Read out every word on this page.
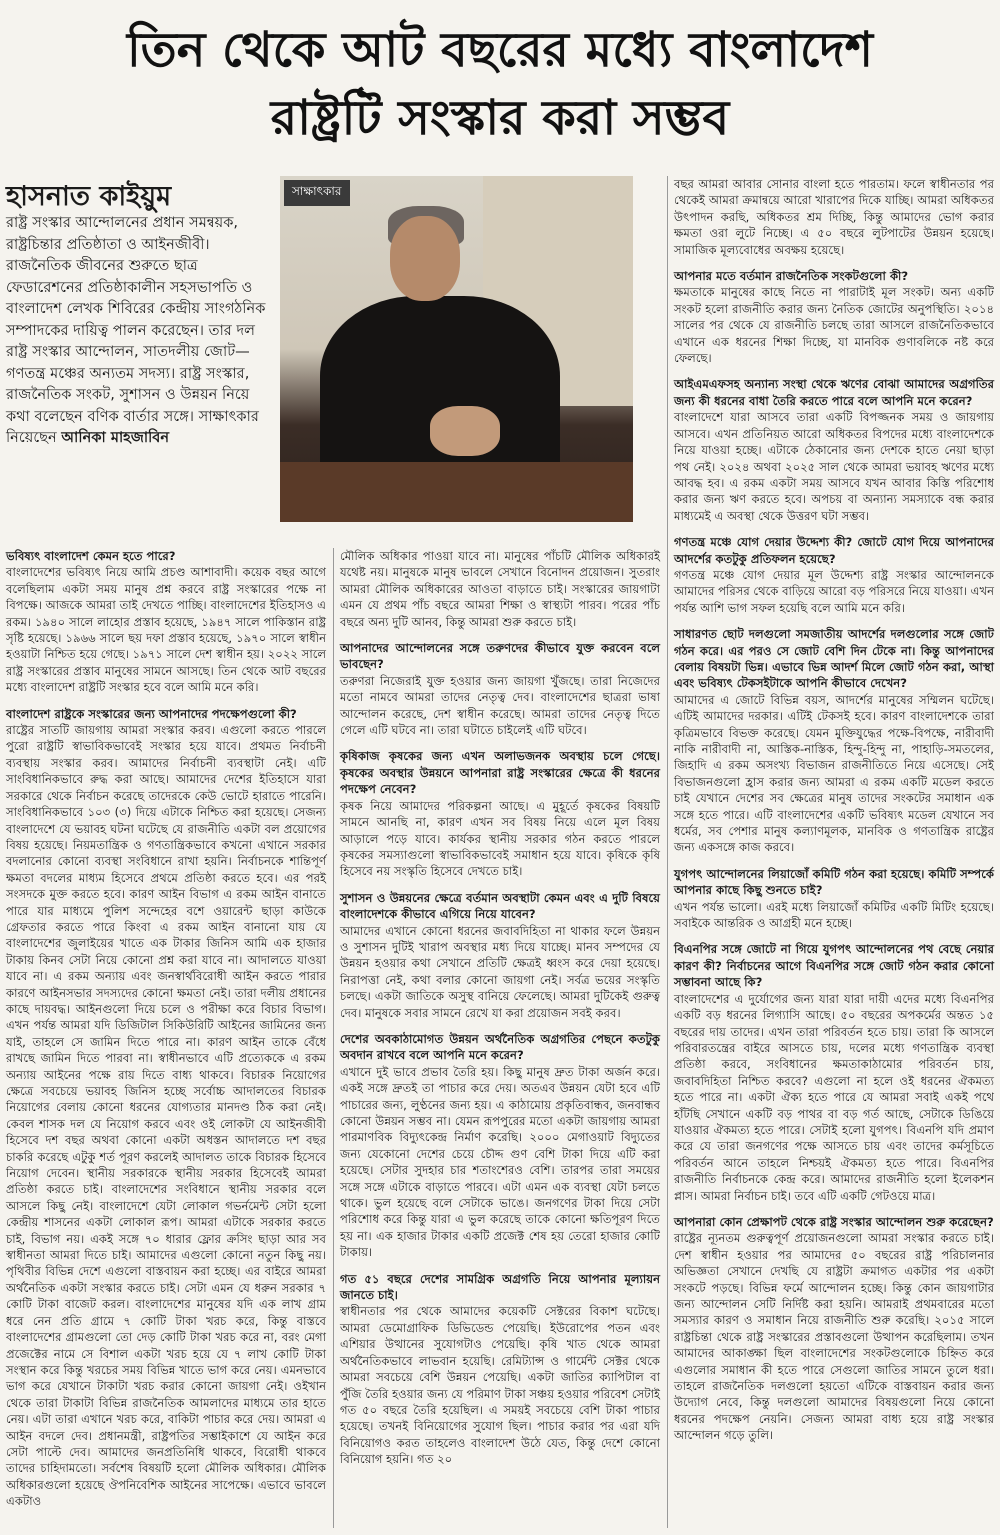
তিন থেকে আট বছরের মধ্যে বাংলাদেশ
রাষ্ট্রটি সংস্কার করা সম্ভব
হাসনাত কাইয়ুম
রাষ্ট্র সংস্কার আন্দোলনের প্রধান সমন্বয়ক, রাষ্ট্রচিন্তার প্রতিষ্ঠাতা ও আইনজীবী। রাজনৈতিক জীবনের শুরুতে ছাত্র ফেডারেশনের প্রতিষ্ঠাকালীন সহসভাপতি ও বাংলাদেশ লেখক শিবিরের কেন্দ্রীয় সাংগঠনিক সম্পাদকের দায়িত্ব পালন করেছেন। তার দল রাষ্ট্র সংস্কার আন্দোলন, সাতদলীয় জোট—গণতন্ত্র মঞ্চের অন্যতম সদস্য। রাষ্ট্র সংস্কার, রাজনৈতিক সংকট, সুশাসন ও উন্নয়ন নিয়ে কথা বলেছেন বণিক বার্তার সঙ্গে। সাক্ষাৎকার নিয়েছেন আনিকা মাহজাবিন
সাক্ষাৎকার

ভবিষ্যৎ বাংলাদেশ কেমন হতে পারে?

বাংলাদেশের ভবিষ্যৎ নিয়ে আমি প্রচণ্ড আশাবাদী। কয়েক বছর আগে বলেছিলাম একটা সময় মানুষ প্রশ্ন করবে রাষ্ট্র সংস্কারের পক্ষে না বিপক্ষে। আজকে আমরা তাই দেখতে পাচ্ছি। বাংলাদেশের ইতিহাসও এ রকম। ১৯৪০ সালে লাহোর প্রস্তাব হয়েছে, ১৯৪৭ সালে পাকিস্তান রাষ্ট্র সৃষ্টি হয়েছে। ১৯৬৬ সালে ছয় দফা প্রস্তাব হয়েছে, ১৯৭০ সালে স্বাধীন হওয়াটা নিশ্চিত হয়ে গেছে। ১৯৭১ সালে দেশ স্বাধীন হয়। ২০২২ সালে রাষ্ট্র সংস্কারের প্রস্তাব মানুষের সামনে আসছে। তিন থেকে আট বছরের মধ্যে বাংলাদেশ রাষ্ট্রটি সংস্কার হবে বলে আমি মনে করি।

বাংলাদেশ রাষ্ট্রকে সংস্কারের জন্য আপনাদের পদক্ষেপগুলো কী?

রাষ্ট্রের সাতটি জায়গায় আমরা সংস্কার করব। এগুলো করতে পারলে পুরো রাষ্ট্রটি স্বাভাবিকভাবেই সংস্কার হয়ে যাবে। প্রথমত নির্বাচনী ব্যবস্থায় সংস্কার করব। আমাদের নির্বাচনী ব্যবস্থাটা নেই। এটি সাংবিধানিকভাবে রুদ্ধ করা আছে। আমাদের দেশের ইতিহাসে যারা সরকারে থেকে নির্বাচন করেছে তাদেরকে কেউ ভোটে হারাতে পারেনি। সাংবিধানিকভাবে ১০৩ (৩) দিয়ে এটাকে নিশ্চিত করা হয়েছে। সেজন্য বাংলাদেশে যে ভয়াবহ ঘটনা ঘটেছে যে রাজনীতি একটা বল প্রয়োগের বিষয় হয়েছে। নিয়মতান্ত্রিক ও গণতান্ত্রিকভাবে কখনো এখানে সরকার বদলানোর কোনো ব্যবস্থা সংবিধানে রাখা হয়নি। নির্বাচনকে শান্তিপূর্ণ ক্ষমতা বদলের মাধ্যম হিসেবে প্রথমে প্রতিষ্ঠা করতে হবে। এর পরই সংসদকে মুক্ত করতে হবে। কারণ আইন বিভাগ এ রকম আইন বানাতে পারে যার মাধ্যমে পুলিশ সন্দেহের বশে ওয়ারেন্ট ছাড়া কাউকে গ্রেফতার করতে পারে কিংবা এ রকম আইন বানানো যায় যে বাংলাদেশের জুলাইয়ের খাতে এক টাকার জিনিস আমি এক হাজার টাকায় কিনব সেটা নিয়ে কোনো প্রশ্ন করা যাবে না। আদালতে যাওয়া যাবে না। এ রকম অন্যায় এবং জনস্বার্থবিরোধী আইন করতে পারার কারণে আইনসভার সদস্যদের কোনো ক্ষমতা নেই। তারা দলীয় প্রধানের কাছে দায়বদ্ধ। আইনগুলো দিয়ে চলে ও পরীক্ষা করে বিচার বিভাগ। এখন পর্যন্ত আমরা যদি ডিজিটাল সিকিউরিটি আইনের জামিনের জন্য যাই, তাহলে সে জামিন দিতে পারে না। কারণ আইন তাকে বেঁধে রাখছে জামিন দিতে পারবা না। স্বাধীনভাবে এটি প্রত্যেককে এ রকম অন্যায় আইনের পক্ষে রায় দিতে বাধ্য থাকবে। বিচারক নিয়োগের ক্ষেত্রে সবচেয়ে ভয়াবহ জিনিস হচ্ছে সর্বোচ্চ আদালতের বিচারক নিয়োগের বেলায় কোনো ধরনের যোগ্যতার মানদণ্ড ঠিক করা নেই। কেবল শাসক দল যে নিয়োগ করবে এবং ওই লোকটা যে আইনজীবী হিসেবে দশ বছর অথবা কোনো একটা অধস্তন আদালতে দশ বছর চাকরি করেছে এটুকু শর্ত পূরণ করলেই আদালত তাকে বিচারক হিসেবে নিয়োগ দেবেন। স্থানীয় সরকারকে স্থানীয় সরকার হিসেবেই আমরা প্রতিষ্ঠা করতে চাই। বাংলাদেশের সংবিধানে স্থানীয় সরকার বলে আসলে কিছু নেই। বাংলাদেশে যেটা লোকাল গভর্নমেন্ট সেটা হলো কেন্দ্রীয় শাসনের একটা লোকাল রূপ। আমরা এটাকে সরকার করতে চাই, বিভাগ নয়। একই সঙ্গে ৭০ ধারার ফ্লোর ক্রসিং ছাড়া আর সব স্বাধীনতা আমরা দিতে চাই। আমাদের এগুলো কোনো নতুন কিছু নয়। পৃথিবীর বিভিন্ন দেশে এগুলো বাস্তবায়ন করা হচ্ছে। এর বাইরে আমরা অর্থনৈতিক একটা সংস্কার করতে চাই। সেটা এমন যে ধরুন সরকার ৭ কোটি টাকা বাজেট করল। বাংলাদেশের মানুষের যদি এক লাখ গ্রাম ধরে নেন প্রতি গ্রামে ৭ কোটি টাকা খরচ করে, কিন্তু বাস্তবে বাংলাদেশের গ্রামগুলো তো দেড় কোটি টাকা খরচ করে না, বরং মেগা প্রজেক্টের নামে সে বিশাল একটা খরচ হয়ে যে ৭ লাখ কোটি টাকা সংস্থান করে কিন্তু খরচের সময় বিভিন্ন খাতে ভাগ করে নেয়। এমনভাবে ভাগ করে যেখানে টাকাটা খরচ করার কোনো জায়গা নেই। ওইখান থেকে তারা টাকাটা বিভিন্ন রাজনৈতিক আমলাদের মাধ্যমে তার হাতে নেয়। এটা তারা এখানে খরচ করে, বাকিটা পাচার করে দেয়। আমরা এ আইন বদলে দেব। প্রধানমন্ত্রী, রাষ্ট্রপতির সম্ভাইকাশে যে আইন করে সেটা পাল্টে দেব। আমাদের জনপ্রতিনিধি থাকবে, বিরোধী থাকবে তাদের চাহিদামতো। সর্বশেষ বিষয়টি হলো মৌলিক অধিকার। মৌলিক অধিকারগুলো হয়েছে ঔপনিবেশিক আইনের সাপেক্ষে। এভাবে ভাবলে একটাও

মৌলিক অধিকার পাওয়া যাবে না। মানুষের পাঁচটি মৌলিক অধিকারই যথেষ্ট নয়। মানুষকে মানুষ ভাবলে সেখানে বিনোদন প্রয়োজন। সুতরাং আমরা মৌলিক অধিকারের আওতা বাড়াতে চাই। সংস্কারের জায়গাটা এমন যে প্রথম পাঁচ বছরে আমরা শিক্ষা ও স্বাস্থ্যটা পারব। পরের পাঁচ বছরে অন্য দুটি আনব, কিন্তু আমরা শুরু করতে চাই।

আপনাদের আন্দোলনের সঙ্গে তরুণদের কীভাবে যুক্ত করবেন বলে ভাবছেন?

তরুণরা নিজেরাই যুক্ত হওয়ার জন্য জায়গা খুঁজছে। তারা নিজেদের মতো নামবে আমরা তাদের নেতৃত্ব দেব। বাংলাদেশের ছাত্ররা ভাষা আন্দোলন করেছে, দেশ স্বাধীন করেছে। আমরা তাদের নেতৃত্ব দিতে গেলে এটি ঘটবে না। তারা ঘটাতে চাইলেই এটি ঘটবে।

কৃষিকাজ কৃষকের জন্য এখন অলাভজনক অবস্থায় চলে গেছে। কৃষকের অবস্থার উন্নয়নে আপনারা রাষ্ট্র সংস্কারের ক্ষেত্রে কী ধরনের পদক্ষেপ নেবেন?

কৃষক নিয়ে আমাদের পরিকল্পনা আছে। এ মুহূর্তে কৃষকের বিষয়টি সামনে আনছি না, কারণ এখন সব বিষয় নিয়ে এলে মূল বিষয় আড়ালে পড়ে যাবে। কার্যকর স্থানীয় সরকার গঠন করতে পারলে কৃষকের সমস্যাগুলো স্বাভাবিকভাবেই সমাধান হয়ে যাবে। কৃষিকে কৃষি হিসেবে নয় সংস্কৃতি হিসেবে দেখতে চাই।

সুশাসন ও উন্নয়নের ক্ষেত্রে বর্তমান অবস্থাটা কেমন এবং এ দুটি বিষয়ে বাংলাদেশকে কীভাবে এগিয়ে নিয়ে যাবেন?

আমাদের এখানে কোনো ধরনের জবাবদিহিতা না থাকার ফলে উন্নয়ন ও সুশাসন দুটিই খারাপ অবস্থার মধ্য দিয়ে যাচ্ছে। মানব সম্পদের যে উন্নয়ন হওয়ার কথা সেখানে প্রতিটি ক্ষেত্রই ধ্বংস করে দেয়া হয়েছে। নিরাপত্তা নেই, কথা বলার কোনো জায়গা নেই। সর্বত্র ভয়ের সংস্কৃতি চলছে। একটা জাতিকে অসুস্থ বানিয়ে ফেলেছে। আমরা দুটিকেই গুরুত্ব দেব। মানুষকে সবার সামনে রেখে যা করা প্রয়োজন সবই করব।

দেশের অবকাঠামোগত উন্নয়ন অর্থনৈতিক অগ্রগতির পেছনে কতটুকু অবদান রাখবে বলে আপনি মনে করেন?

এখানে দুই ভাবে প্রভাব তৈরি হয়। কিছু মানুষ দ্রুত টাকা অর্জন করে। একই সঙ্গে দ্রুতই তা পাচার করে দেয়। অতএব উন্নয়ন যেটা হবে এটি পাচারের জন্য, লুণ্ঠনের জন্য হয়। এ কাঠামোয় প্রকৃতিবান্ধব, জনবান্ধব কোনো উন্নয়ন সম্ভব না। যেমন রূপপুরের মতো একটা জায়গায় আমরা পারমাণবিক বিদ্যুৎকেন্দ্র নির্মাণ করেছি। ২০০০ মেগাওয়াট বিদ্যুতের জন্য যেকোনো দেশের চেয়ে চৌদ্দ গুণ বেশি টাকা দিয়ে এটি করা হয়েছে। সেটার সুদহার চার শতাংশেরও বেশি। তারপর তারা সময়ের সঙ্গে সঙ্গে এটাকে বাড়াতে পারবে। এটা এমন এক ব্যবস্থা যেটা চলতে থাকে। ভুল হয়েছে বলে সেটাকে ভাঙে। জনগণের টাকা দিয়ে সেটা পরিশোধ করে কিন্তু যারা এ ভুল করেছে তাকে কোনো ক্ষতিপূরণ দিতে হয় না। এক হাজার টাকার একটি প্রজেক্ট শেষ হয় তেরো হাজার কোটি টাকায়।

গত ৫১ বছরে দেশের সামগ্রিক অগ্রগতি নিয়ে আপনার মূল্যায়ন জানতে চাই।

স্বাধীনতার পর থেকে আমাদের কয়েকটি সেক্টরের বিকাশ ঘটেছে। আমরা ডেমোগ্রাফিক ডিভিডেন্ড পেয়েছি। ইউরোপের পতন এবং এশিয়ার উত্থানের সুযোগটাও পেয়েছি। কৃষি খাত থেকে আমরা অর্থনৈতিকভাবে লাভবান হয়েছি। রেমিট্যান্স ও গার্মেন্ট সেক্টর থেকে আমরা সবচেয়ে বেশি উন্নয়ন পেয়েছি। একটা জাতির ক্যাপিটাল বা পুঁজি তৈরি হওয়ার জন্য যে পরিমাণ টাকা সঞ্চয় হওয়ার পরিবেশ সেটাই গত ৫০ বছরে তৈরি হয়েছিল। এ সময়ই সবচেয়ে বেশি টাকা পাচার হয়েছে। তখনই বিনিয়োগের সুযোগ ছিল। পাচার করার পর এরা যদি বিনিয়োগও করত তাহলেও বাংলাদেশ উঠে যেত, কিন্তু দেশে কোনো বিনিয়োগ হয়নি। গত ২০

বছর আমরা আবার সোনার বাংলা হতে পারতাম। ফলে স্বাধীনতার পর থেকেই আমরা ক্রমান্বয়ে আরো খারাপের দিকে যাচ্ছি। আমরা অধিকতর উৎপাদন করছি, অধিকতর শ্রম দিচ্ছি, কিন্তু আমাদের ভোগ করার ক্ষমতা ওরা লুটে নিচ্ছে। এ ৫০ বছরে লুটপাটের উন্নয়ন হয়েছে। সামাজিক মূল্যবোধের অবক্ষয় হয়েছে।

আপনার মতে বর্তমান রাজনৈতিক সংকটগুলো কী?

ক্ষমতাকে মানুষের কাছে নিতে না পারাটাই মূল সংকট। অন্য একটি সংকট হলো রাজনীতি করার জন্য নৈতিক জোটের অনুপস্থিতি। ২০১৪ সালের পর থেকে যে রাজনীতি চলছে তারা আসলে রাজনৈতিকভাবে এখানে এক ধরনের শিক্ষা দিচ্ছে, যা মানবিক গুণাবলিকে নষ্ট করে ফেলছে।

আইএমএফসহ অন্যান্য সংস্থা থেকে ঋণের বোঝা আমাদের অগ্রগতির জন্য কী ধরনের বাধা তৈরি করতে পারে বলে আপনি মনে করেন?

বাংলাদেশে যারা আসবে তারা একটি বিপজ্জনক সময় ও জায়গায় আসবে। এখন প্রতিনিয়ত আরো অধিকতর বিপদের মধ্যে বাংলাদেশকে নিয়ে যাওয়া হচ্ছে। এটাকে ঠেকানোর জন্য দেশকে হাতে নেয়া ছাড়া পথ নেই। ২০২৪ অথবা ২০২৫ সাল থেকে আমরা ভয়াবহ ঋণের মধ্যে আবদ্ধ হব। এ রকম একটা সময় আসবে যখন আবার কিস্তি পরিশোধ করার জন্য ঋণ করতে হবে। অপচয় বা অন্যান্য সমস্যাকে বন্ধ করার মাধ্যমেই এ অবস্থা থেকে উত্তরণ ঘটা সম্ভব।

গণতন্ত্র মঞ্চে যোগ দেয়ার উদ্দেশ্য কী? জোটে যোগ দিয়ে আপনাদের আদর্শের কতটুকু প্রতিফলন হয়েছে?

গণতন্ত্র মঞ্চে যোগ দেয়ার মূল উদ্দেশ্য রাষ্ট্র সংস্কার আন্দোলনকে আমাদের পরিসর থেকে বাড়িয়ে আরো বড় পরিসরে নিয়ে যাওয়া। এখন পর্যন্ত আশি ভাগ সফল হয়েছি বলে আমি মনে করি।

সাধারণত ছোট দলগুলো সমজাতীয় আদর্শের দলগুলোর সঙ্গে জোট গঠন করে। এর পরও সে জোট বেশি দিন টেকে না। কিন্তু আপনাদের বেলায় বিষয়টা ভিন্ন। এভাবে ভিন্ন আদর্শ মিলে জোট গঠন করা, আস্থা এবং ভবিষ্যৎ টেকসইটাকে আপনি কীভাবে দেখেন?

আমাদের এ জোটে বিভিন্ন বয়স, আদর্শের মানুষের সম্মিলন ঘটেছে। এটিই আমাদের দরকার। এটিই টেকসই হবে। কারণ বাংলাদেশকে তারা কৃত্রিমভাবে বিভক্ত করেছে। যেমন মুক্তিযুদ্ধের পক্ষে-বিপক্ষে, নারীবাদী নাকি নারীবাদী না, আস্তিক-নাস্তিক, হিন্দু-হিন্দু না, পাহাড়ি-সমতলের, জিহাদি এ রকম অসংখ্য বিভাজন রাজনীতিতে নিয়ে এসেছে। সেই বিভাজনগুলো হ্রাস করার জন্য আমরা এ রকম একটি মডেল করতে চাই যেখানে দেশের সব ক্ষেত্রের মানুষ তাদের সংকটের সমাধান এক সঙ্গে হতে পারে। এটি বাংলাদেশের একটি ভবিষ্যৎ মডেল যেখানে সব ধর্মের, সব পেশার মানুষ কল্যাণমূলক, মানবিক ও গণতান্ত্রিক রাষ্ট্রের জন্য একসঙ্গে কাজ করবে।

যুগপৎ আন্দোলনের লিয়াজোঁ কমিটি গঠন করা হয়েছে। কমিটি সম্পর্কে আপনার কাছে কিছু শুনতে চাই?

এখন পর্যন্ত ভালো। এরই মধ্যে লিয়াজোঁ কমিটির একটি মিটিং হয়েছে। সবাইকে আন্তরিক ও আগ্রহী মনে হচ্ছে।

বিএনপির সঙ্গে জোটে না গিয়ে যুগপৎ আন্দোলনের পথ বেছে নেয়ার কারণ কী? নির্বাচনের আগে বিএনপির সঙ্গে জোট গঠন করার কোনো সম্ভাবনা আছে কি?

বাংলাদেশের এ দুর্যোগের জন্য যারা যারা দায়ী এদের মধ্যে বিএনপির একটি বড় ধরনের লিগ্যাসি আছে। ৫০ বছরের অপকর্মের অন্তত ১৫ বছরের দায় তাদের। এখন তারা পরিবর্তন হতে চায়। তারা কি আসলে পরিবারতন্ত্রের বাইরে আসতে চায়, দলের মধ্যে গণতান্ত্রিক ব্যবস্থা প্রতিষ্ঠা করবে, সংবিধানের ক্ষমতাকাঠামোর পরিবর্তন চায়, জবাবদিহিতা নিশ্চিত করবে? এগুলো না হলে ওই ধরনের ঐকমত্য হতে পারে না। একটা ঐক্য হতে পারে যে আমরা সবাই একই পথে হাঁটছি সেখানে একটি বড় পাথর বা বড় গর্ত আছে, সেটাকে ডিঙিয়ে যাওয়ার ঐকমত্য হতে পারে। সেটাই হলো যুগপৎ। বিএনপি যদি প্রমাণ করে যে তারা জনগণের পক্ষে আসতে চায় এবং তাদের কর্মসূচিতে পরিবর্তন আনে তাহলে নিশ্চয়ই ঐকমত্য হতে পারে। বিএনপির রাজনীতি নির্বাচনকে কেন্দ্র করে। আমাদের রাজনীতি হলো ইলেকশন প্লাস। আমরা নির্বাচন চাই। তবে এটি একটি গেটওয়ে মাত্র।

আপনারা কোন প্রেক্ষাপট থেকে রাষ্ট্র সংস্কার আন্দোলন শুরু করেছেন?

রাষ্ট্রের ন্যূনতম গুরুত্বপূর্ণ প্রয়োজনগুলো আমরা সংস্কার করতে চাই। দেশ স্বাধীন হওয়ার পর আমাদের ৫০ বছরের রাষ্ট্র পরিচালনার অভিজ্ঞতা সেখানে দেখছি যে রাষ্ট্রটা ক্রমাগত একটার পর একটা সংকটে পড়ছে। বিভিন্ন ফর্মে আন্দোলন হচ্ছে। কিন্তু কোন জায়গাটার জন্য আন্দোলন সেটি নির্দিষ্ট করা হয়নি। আমরাই প্রথমবারের মতো সমস্যার কারণ ও সমাধান নিয়ে রাজনীতি শুরু করেছি। ২০১৫ সালে রাষ্ট্রচিন্তা থেকে রাষ্ট্র সংস্কারের প্রস্তাবগুলো উত্থাপন করেছিলাম। তখন আমাদের আকাঙ্ক্ষা ছিল বাংলাদেশের সংকটগুলোকে চিহ্নিত করে এগুলোর সমাধান কী হতে পারে সেগুলো জাতির সামনে তুলে ধরা। তাহলে রাজনৈতিক দলগুলো হয়তো এটিকে বাস্তবায়ন করার জন্য উদ্যোগ নেবে, কিন্তু দলগুলো আমাদের বিষয়গুলো নিয়ে কোনো ধরনের পদক্ষেপ নেয়নি। সেজন্য আমরা বাধ্য হয়ে রাষ্ট্র সংস্কার আন্দোলন গড়ে তুলি।
